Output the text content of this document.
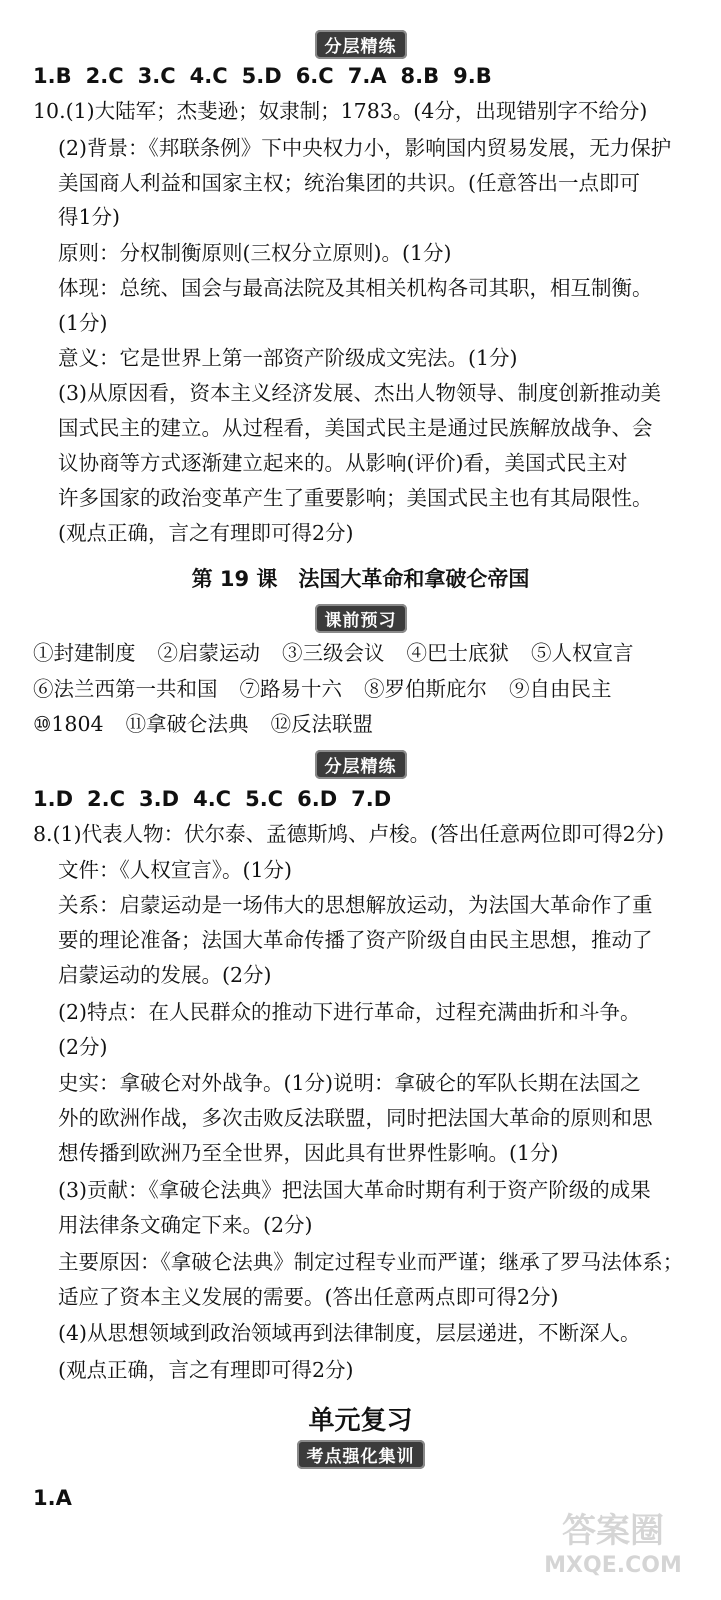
分层精练
1.B 2.C 3.C 4.C 5.D 6.C 7.A 8.B 9.B
10.(1)大陆军；杰斐逊；奴隶制；1783。(4分，出现错别字不给分)
(2)背景：《邦联条例》下中央权力小，影响国内贸易发展，无力保护
美国商人利益和国家主权；统治集团的共识。(任意答出一点即可
得1分)
原则：分权制衡原则(三权分立原则)。(1分)
体现：总统、国会与最高法院及其相关机构各司其职，相互制衡。
(1分)
意义：它是世界上第一部资产阶级成文宪法。(1分)
(3)从原因看，资本主义经济发展、杰出人物领导、制度创新推动美
国式民主的建立。从过程看，美国式民主是通过民族解放战争、会
议协商等方式逐渐建立起来的。从影响(评价)看，美国式民主对
许多国家的政治变革产生了重要影响；美国式民主也有其局限性。
(观点正确，言之有理即可得2分)
第 19 课　法国大革命和拿破仑帝国
课前预习
①封建制度 ②启蒙运动 ③三级会议 ④巴士底狱 ⑤人权宣言
⑥法兰西第一共和国 ⑦路易十六 ⑧罗伯斯庇尔 ⑨自由民主
⑩1804 ⑪拿破仑法典 ⑫反法联盟
分层精练
1.D 2.C 3.D 4.C 5.C 6.D 7.D
8.(1)代表人物：伏尔泰、孟德斯鸠、卢梭。(答出任意两位即可得2分)
文件：《人权宣言》。(1分)
关系：启蒙运动是一场伟大的思想解放运动，为法国大革命作了重
要的理论准备；法国大革命传播了资产阶级自由民主思想，推动了
启蒙运动的发展。(2分)
(2)特点：在人民群众的推动下进行革命，过程充满曲折和斗争。
(2分)
史实：拿破仑对外战争。(1分)说明：拿破仑的军队长期在法国之
外的欧洲作战，多次击败反法联盟，同时把法国大革命的原则和思
想传播到欧洲乃至全世界，因此具有世界性影响。(1分)
(3)贡献：《拿破仑法典》把法国大革命时期有利于资产阶级的成果
用法律条文确定下来。(2分)
主要原因：《拿破仑法典》制定过程专业而严谨；继承了罗马法体系；
适应了资本主义发展的需要。(答出任意两点即可得2分)
(4)从思想领域到政治领域再到法律制度，层层递进，不断深人。
(观点正确，言之有理即可得2分)
单元复习
考点强化集训
1.A
答案圈
MXQE.COM
